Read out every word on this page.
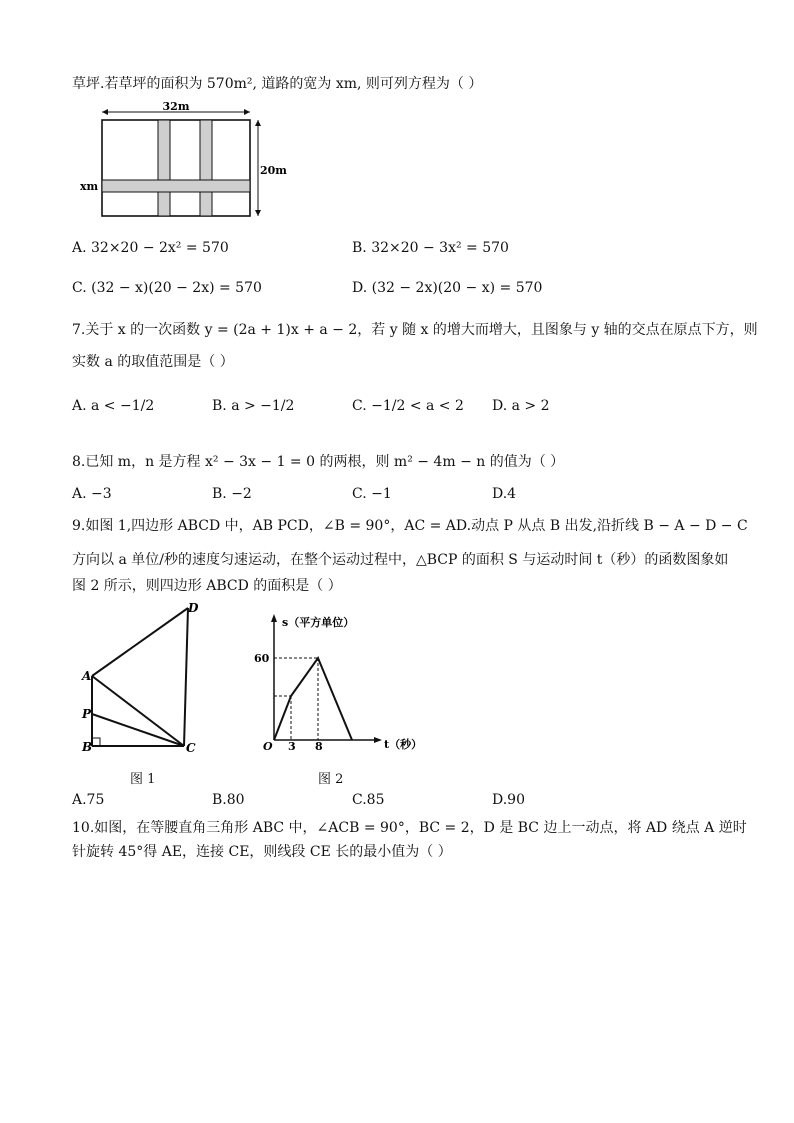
草坪.若草坪的面积为 570m², 道路的宽为 xm, 则可列方程为（ ）
32m
20m
xm
A. 32×20 − 2x² = 570	B. 32×20 − 3x² = 570
C. (32 − x)(20 − 2x) = 570	D. (32 − 2x)(20 − x) = 570
7.关于 x 的一次函数 y = (2a + 1)x + a − 2，若 y 随 x 的增大而增大，且图象与 y 轴的交点在原点下方，则
实数 a 的取值范围是（ ）
A. a < −1/2	B. a > −1/2	C. −1/2 < a < 2 D. a > 2
8.已知 m，n 是方程 x² − 3x − 1 = 0 的两根，则 m² − 4m − n 的值为（ ）
A. −3	B. −2	C. −1	D.4
9.如图 1,四边形 ABCD 中，AB PCD，∠B = 90°，AC = AD.动点 P 从点 B 出发,沿折线 B − A − D − C
方向以 a 单位/秒的速度匀速运动，在整个运动过程中，△BCP 的面积 S 与运动时间 t（秒）的函数图象如
图 2 所示，则四边形 ABCD 的面积是（ ）
A
B	C
D
P
图 1
s（平方单位）
t（秒）
60
O 3 8
图 2
A.75	B.80	C.85	D.90
10.如图，在等腰直角三角形 ABC 中，∠ACB = 90°，BC = 2，D 是 BC 边上一动点，将 AD 绕点 A 逆时
针旋转 45°得 AE，连接 CE，则线段 CE 长的最小值为（ ）
